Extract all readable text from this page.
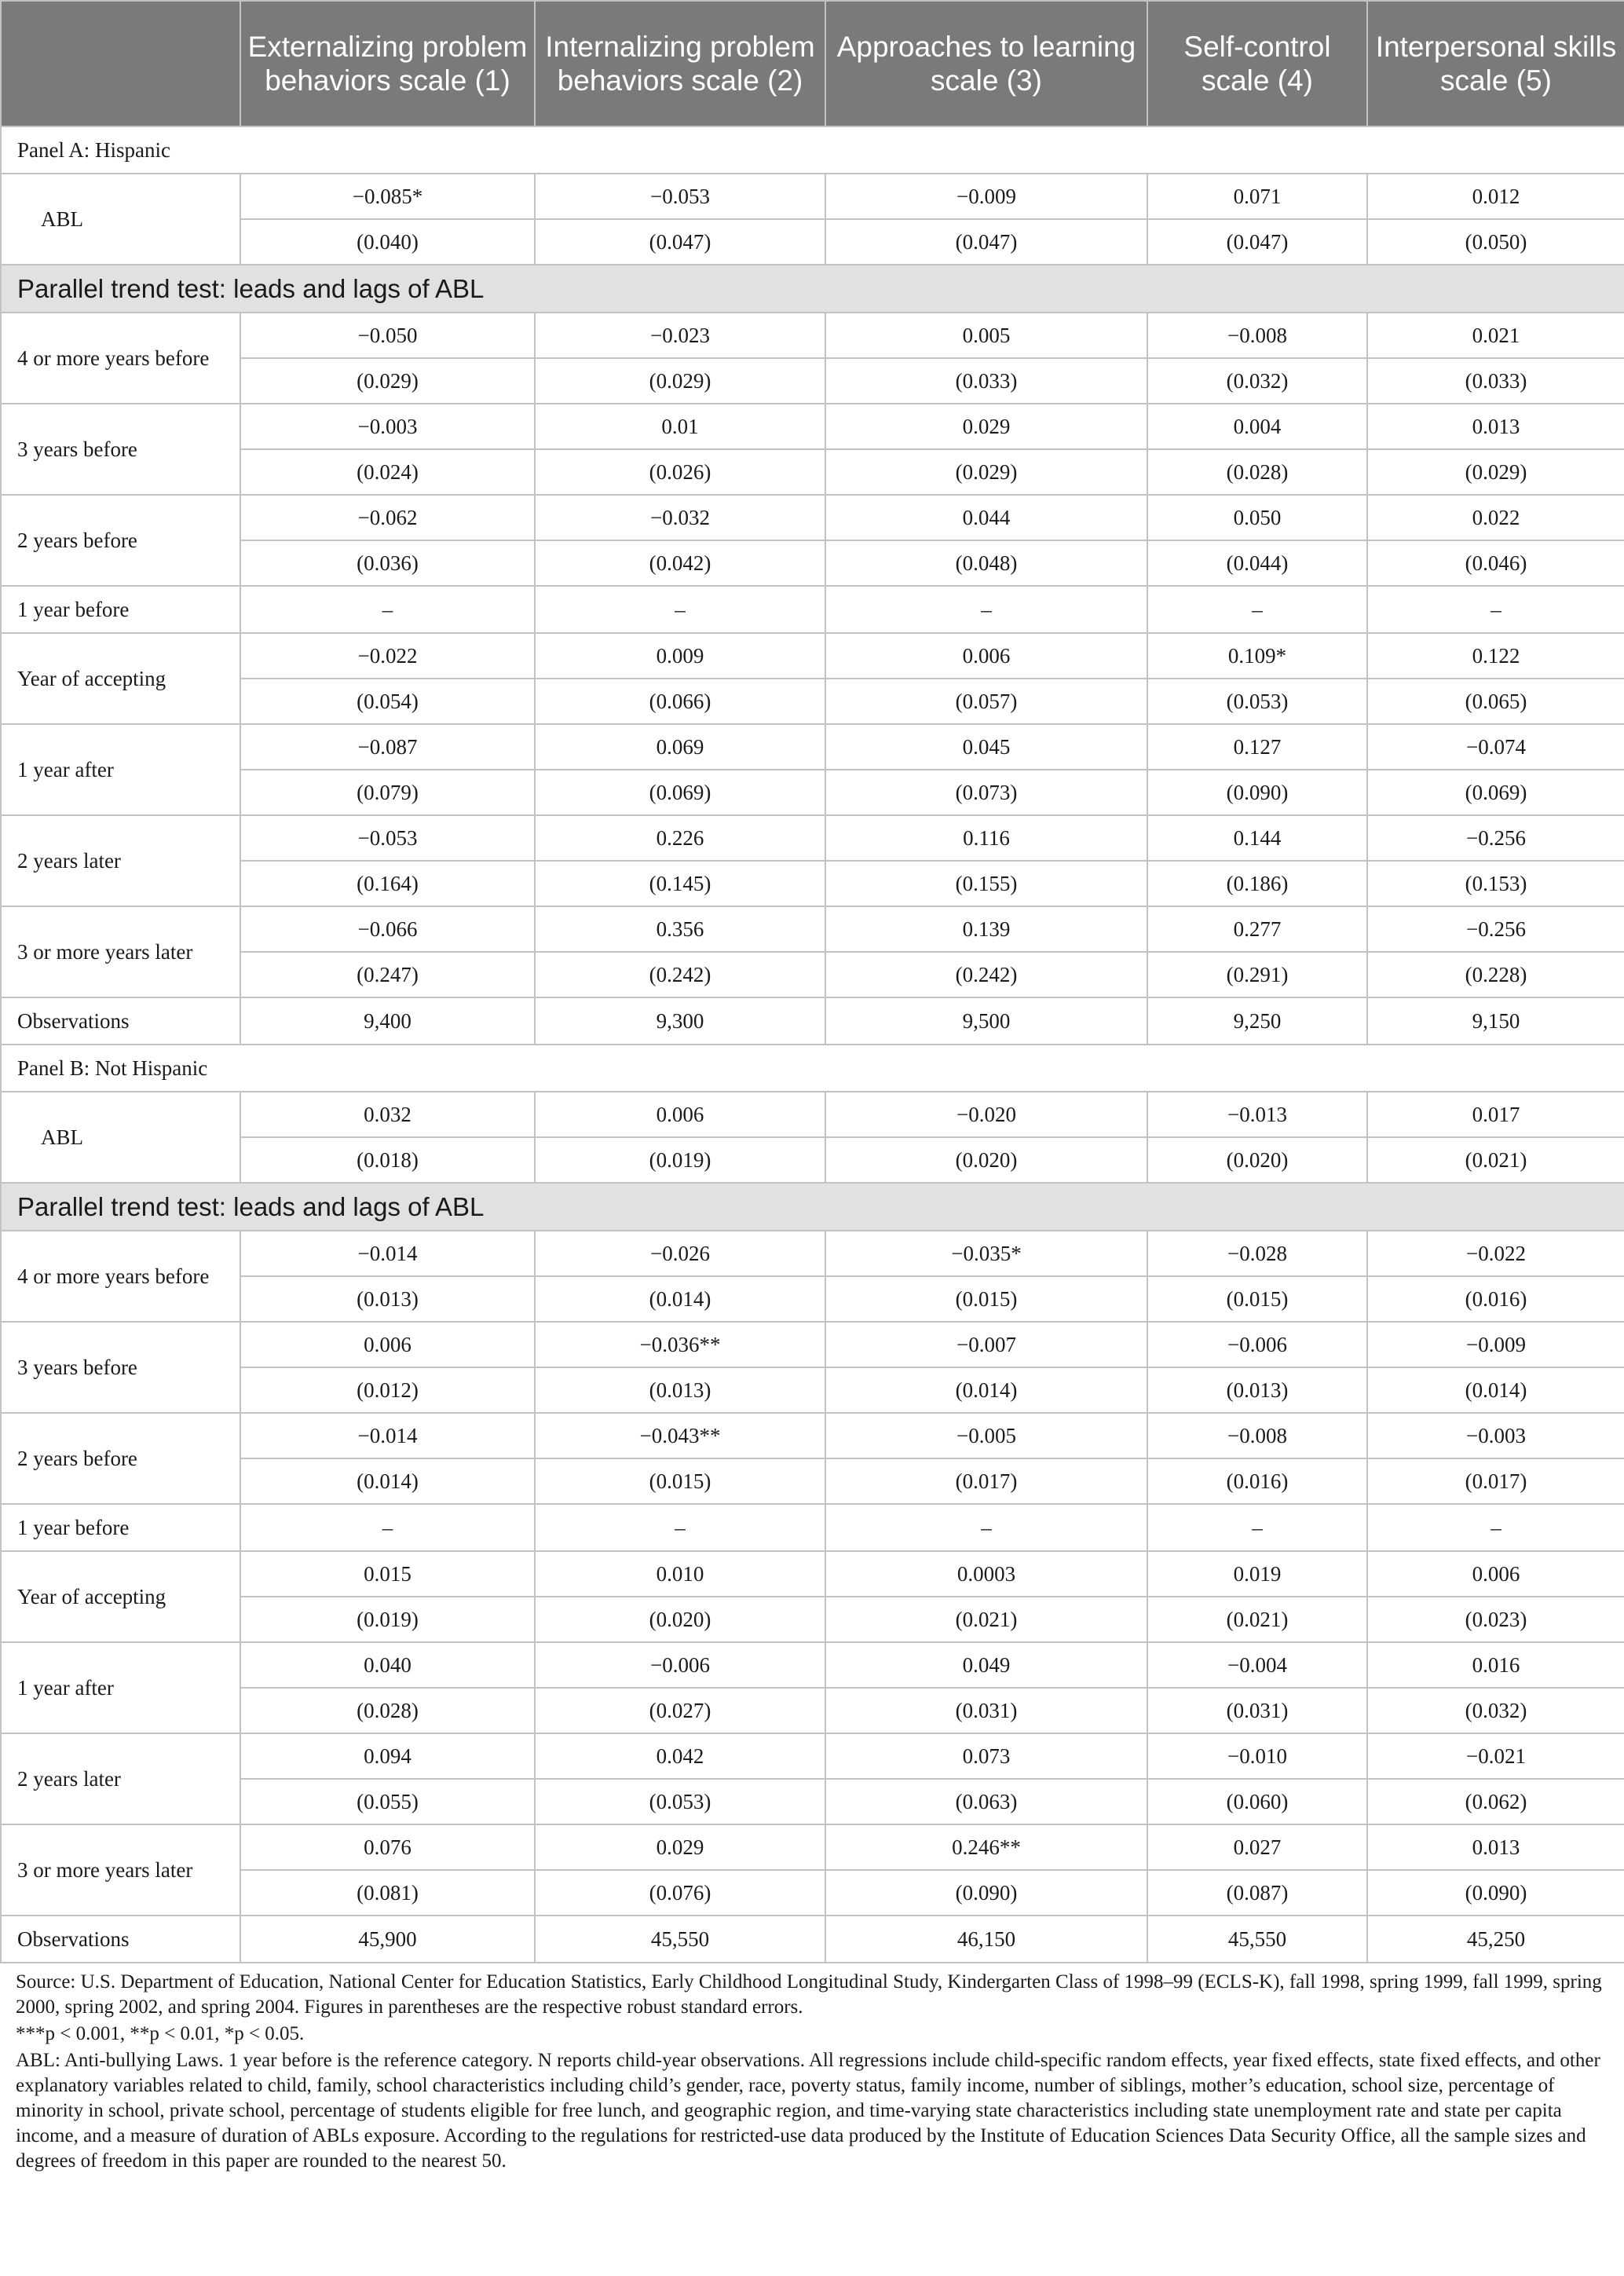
	Externalizing problem behaviors scale (1)	Internalizing problem behaviors scale (2)	Approaches to learning scale (3)	Self-control scale (4)	Interpersonal skills scale (5)
Panel A: Hispanic					
ABL	−0.085*	−0.053	−0.009	0.071	0.012
	(0.040)	(0.047)	(0.047)	(0.047)	(0.050)
Parallel trend test: leads and lags of ABL					
4 or more years before	−0.050	−0.023	0.005	−0.008	0.021
	(0.029)	(0.029)	(0.033)	(0.032)	(0.033)
3 years before	−0.003	0.01	0.029	0.004	0.013
	(0.024)	(0.026)	(0.029)	(0.028)	(0.029)
2 years before	−0.062	−0.032	0.044	0.050	0.022
	(0.036)	(0.042)	(0.048)	(0.044)	(0.046)
1 year before	–	–	–	–	–
Year of accepting	−0.022	0.009	0.006	0.109*	0.122
	(0.054)	(0.066)	(0.057)	(0.053)	(0.065)
1 year after	−0.087	0.069	0.045	0.127	−0.074
	(0.079)	(0.069)	(0.073)	(0.090)	(0.069)
2 years later	−0.053	0.226	0.116	0.144	−0.256
	(0.164)	(0.145)	(0.155)	(0.186)	(0.153)
3 or more years later	−0.066	0.356	0.139	0.277	−0.256
	(0.247)	(0.242)	(0.242)	(0.291)	(0.228)
Observations	9,400	9,300	9,500	9,250	9,150
Panel B: Not Hispanic					
ABL	0.032	0.006	−0.020	−0.013	0.017
	(0.018)	(0.019)	(0.020)	(0.020)	(0.021)
Parallel trend test: leads and lags of ABL					
4 or more years before	−0.014	−0.026	−0.035*	−0.028	−0.022
	(0.013)	(0.014)	(0.015)	(0.015)	(0.016)
3 years before	0.006	−0.036**	−0.007	−0.006	−0.009
	(0.012)	(0.013)	(0.014)	(0.013)	(0.014)
2 years before	−0.014	−0.043**	−0.005	−0.008	−0.003
	(0.014)	(0.015)	(0.017)	(0.016)	(0.017)
1 year before	–	–	–	–	–
Year of accepting	0.015	0.010	0.0003	0.019	0.006
	(0.019)	(0.020)	(0.021)	(0.021)	(0.023)
1 year after	0.040	−0.006	0.049	−0.004	0.016
	(0.028)	(0.027)	(0.031)	(0.031)	(0.032)
2 years later	0.094	0.042	0.073	−0.010	−0.021
	(0.055)	(0.053)	(0.063)	(0.060)	(0.062)
3 or more years later	0.076	0.029	0.246**	0.027	0.013
	(0.081)	(0.076)	(0.090)	(0.087)	(0.090)
Observations	45,900	45,550	46,150	45,550	45,250

Source: U.S. Department of Education, National Center for Education Statistics, Early Childhood Longitudinal Study, Kindergarten Class of 1998–99 (ECLS-K), fall 1998, spring 1999, fall 1999, spring 2000, spring 2002, and spring 2004. Figures in parentheses are the respective robust standard errors.

***p < 0.001, **p < 0.01, *p < 0.05.

ABL: Anti-bullying Laws. 1 year before is the reference category. N reports child-year observations. All regressions include child-specific random effects, year fixed effects, state fixed effects, and other explanatory variables related to child, family, school characteristics including child’s gender, race, poverty status, family income, number of siblings, mother’s education, school size, percentage of minority in school, private school, percentage of students eligible for free lunch, and geographic region, and time-varying state characteristics including state unemployment rate and state per capita income, and a measure of duration of ABLs exposure. According to the regulations for restricted-use data produced by the Institute of Education Sciences Data Security Office, all the sample sizes and degrees of freedom in this paper are rounded to the nearest 50.
